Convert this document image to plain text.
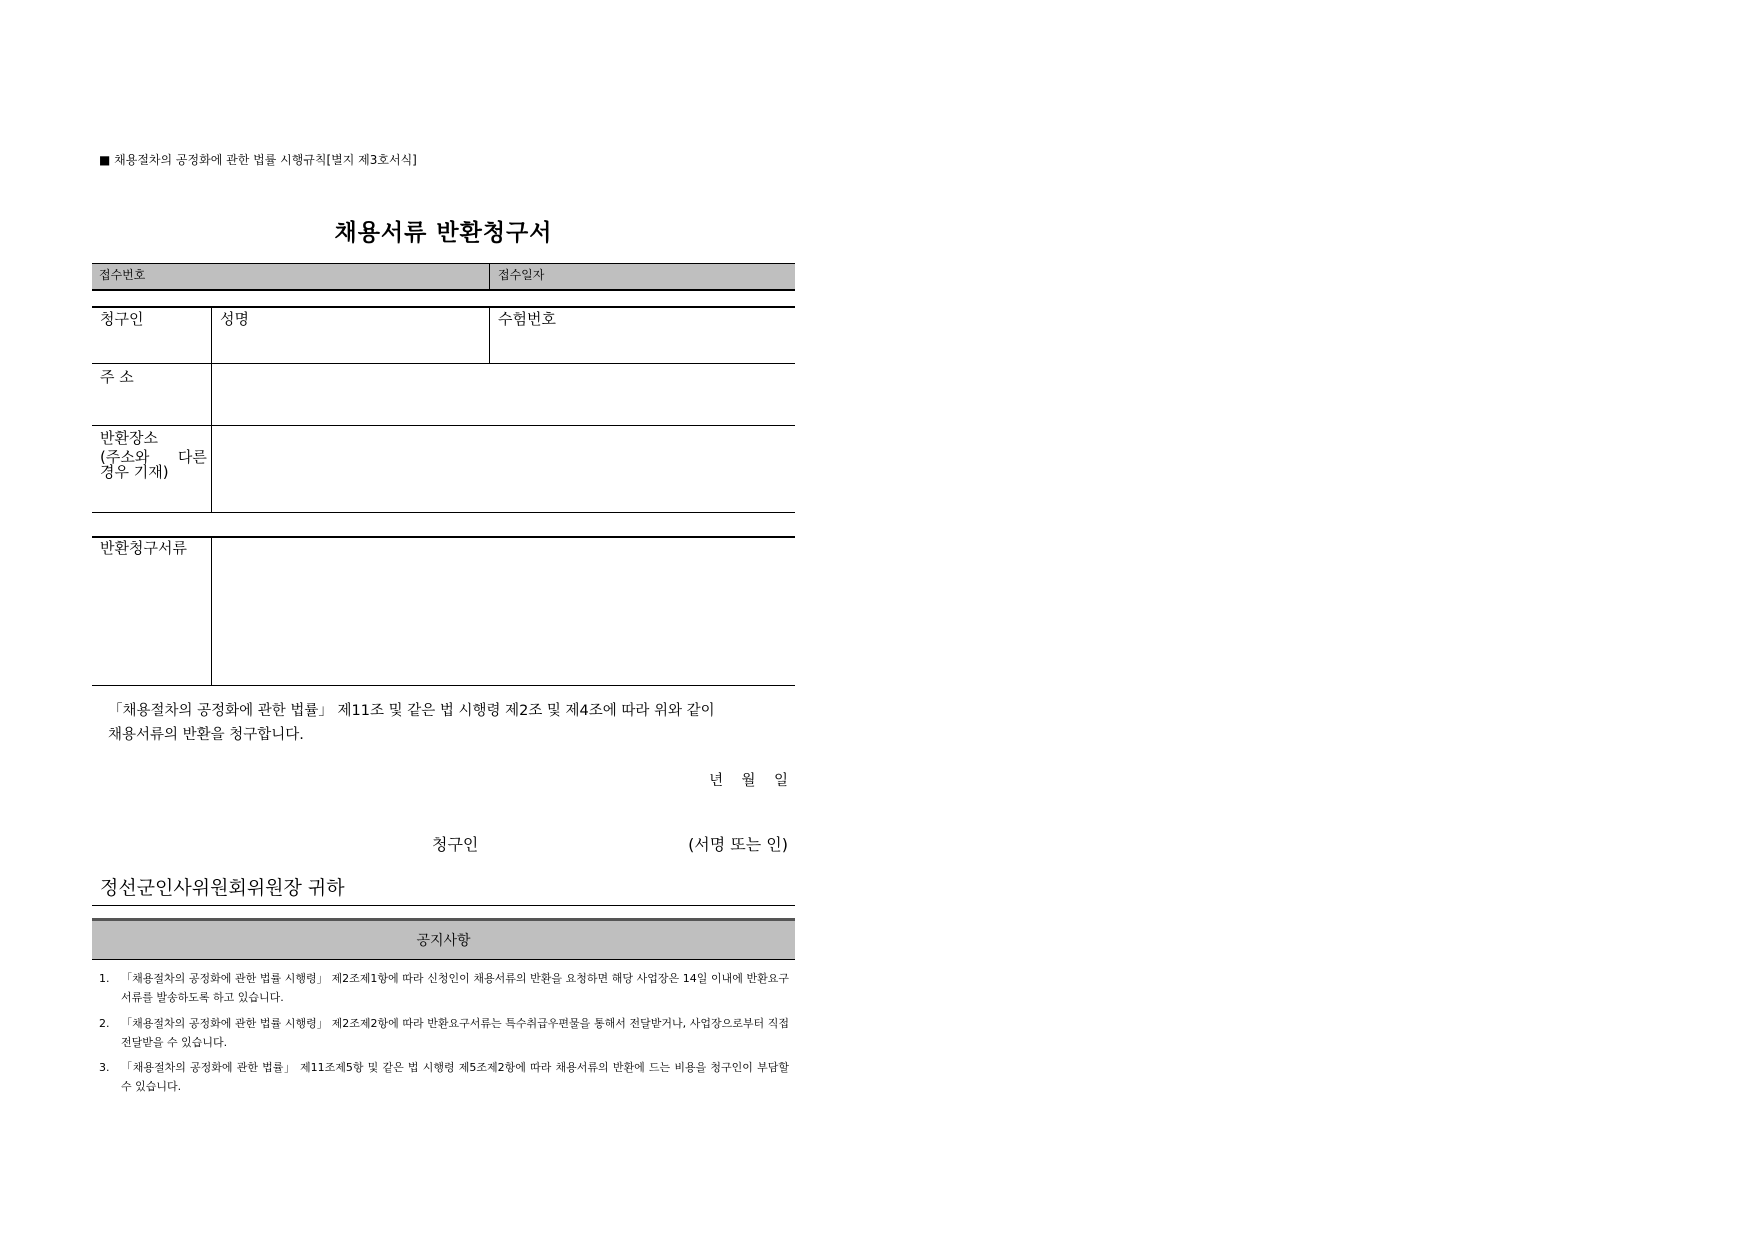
■ 채용절차의 공정화에 관한 법률 시행규칙[별지 제3호서식]
채용서류 반환청구서
접수번호	접수일자
청구인	성명	수험번호
주 소
반환장소
(주소와      다른
경우 기재)
반환청구서류
「채용절차의 공정화에 관한 법률」 제11조 및 같은 법 시행령 제2조 및 제4조에 따라 위와 같이
채용서류의 반환을 청구합니다.
년    월    일
청구인	(서명 또는 인)
정선군인사위원회위원장 귀하
공지사항
1. 「채용절차의 공정화에 관한 법률 시행령」 제2조제1항에 따라 신청인이 채용서류의 반환을 요청하면 해당 사업장은 14일 이내에 반환요구서류를 발송하도록 하고 있습니다.
2. 「채용절차의 공정화에 관한 법률 시행령」 제2조제2항에 따라 반환요구서류는 특수취급우편물을 통해서 전달받거나, 사업장으로부터 직접 전달받을 수 있습니다.
3. 「채용절차의 공정화에 관한 법률」 제11조제5항 및 같은 법 시행령 제5조제2항에 따라 채용서류의 반환에 드는 비용을 청구인이 부담할 수 있습니다.
